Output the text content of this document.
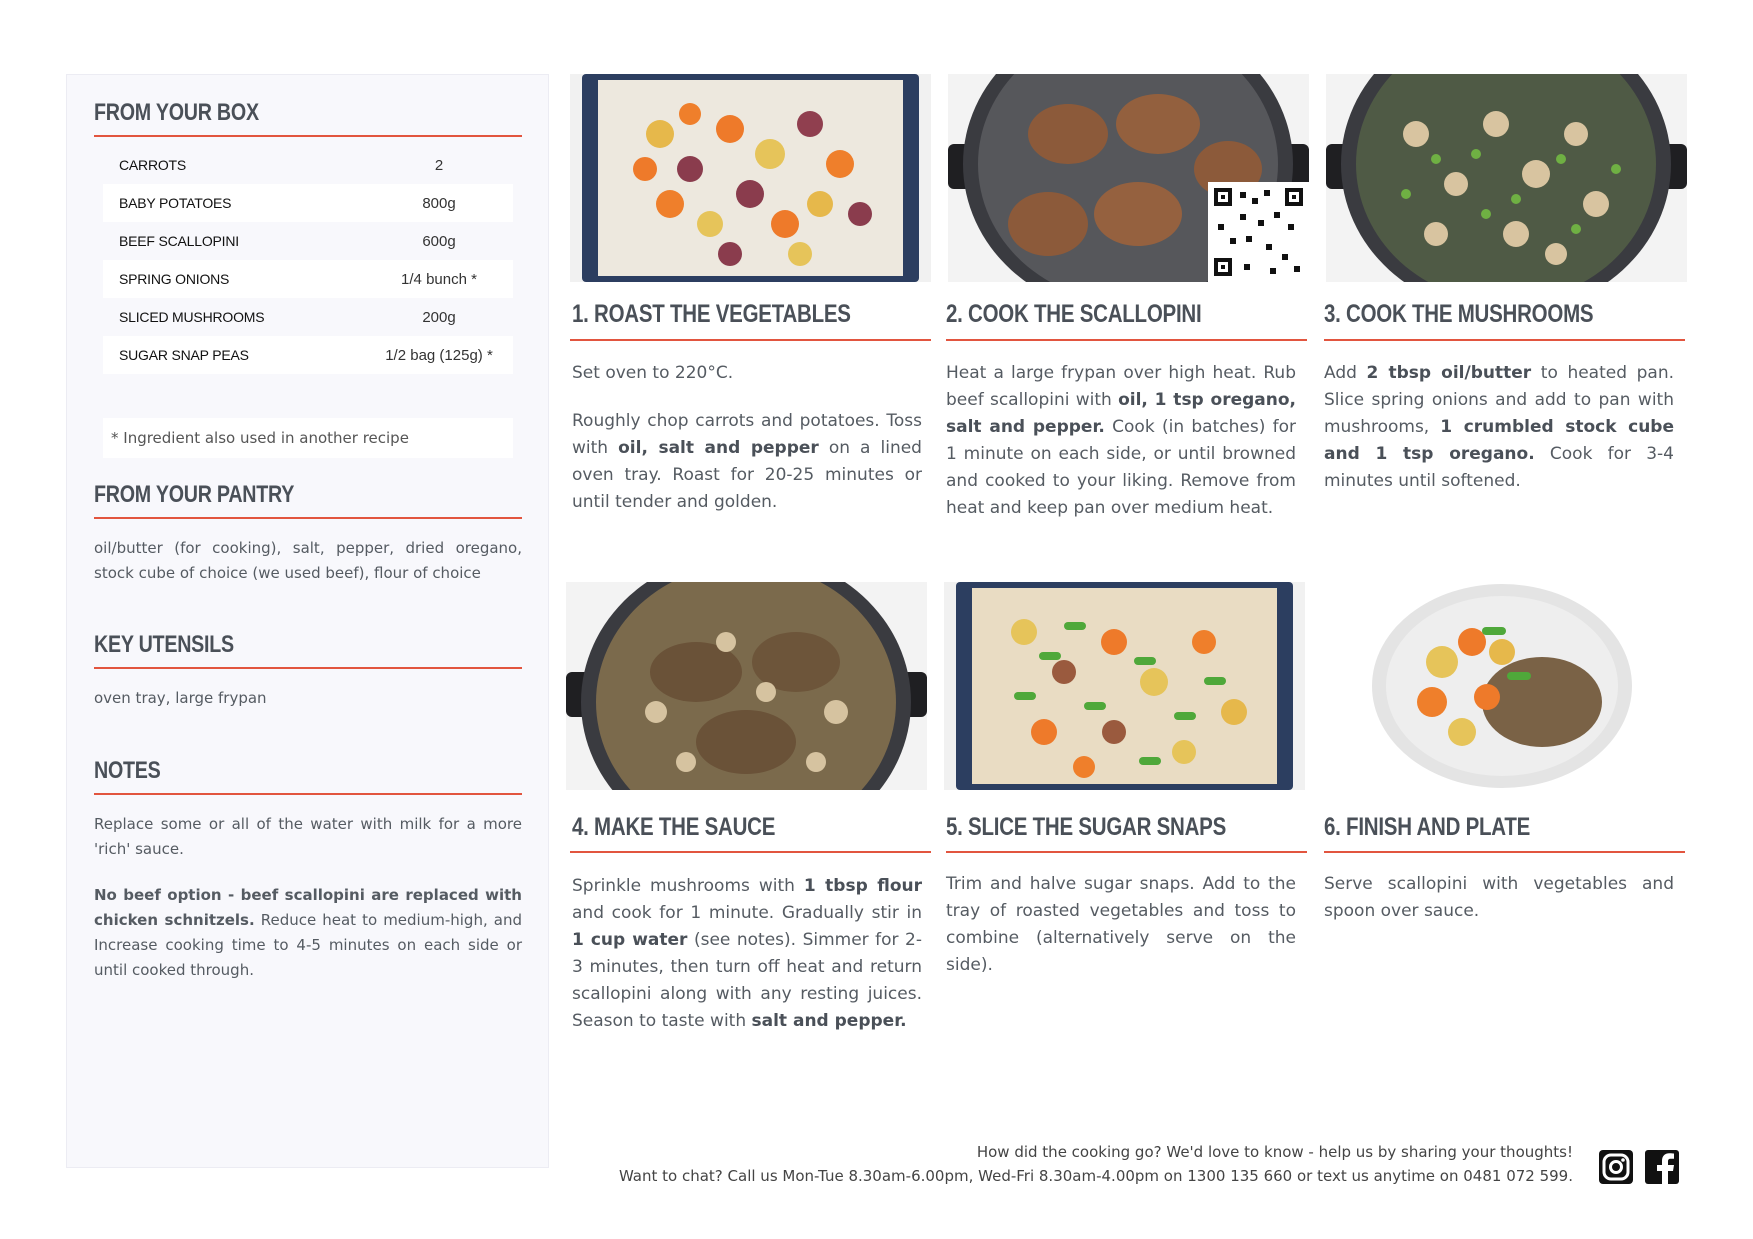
FROM YOUR BOX
CARROTS	2
BABY POTATOES	800g
BEEF SCALLOPINI	600g
SPRING ONIONS	1/4 bunch *
SLICED MUSHROOMS	200g
SUGAR SNAP PEAS	1/2 bag (125g) *
* Ingredient also used in another recipe
FROM YOUR PANTRY
oil/butter (for cooking), salt, pepper, dried oregano, stock cube of choice (we used beef), flour of choice
KEY UTENSILS
oven tray, large frypan
NOTES
Replace some or all of the water with milk for a more 'rich' sauce.
No beef option - beef scallopini are replaced with chicken schnitzels. Reduce heat to medium-high, and Increase cooking time to 4-5 minutes on each side or until cooked through.
1. ROAST THE VEGETABLES

Set oven to 220°C.

Roughly chop carrots and potatoes. Toss with oil, salt and pepper on a lined oven tray. Roast for 20-25 minutes or until tender and golden.

2. COOK THE SCALLOPINI

Heat a large frypan over high heat. Rub beef scallopini with oil, 1 tsp oregano, salt and pepper. Cook (in batches) for 1 minute on each side, or until browned and cooked to your liking. Remove from heat and keep pan over medium heat.

3. COOK THE MUSHROOMS

Add 2 tbsp oil/butter to heated pan. Slice spring onions and add to pan with mushrooms, 1 crumbled stock cube and 1 tsp oregano. Cook for 3-4 minutes until softened.

4. MAKE THE SAUCE

Sprinkle mushrooms with 1 tbsp flour and cook for 1 minute. Gradually stir in 1 cup water (see notes). Simmer for 2-3 minutes, then turn off heat and return scallopini along with any resting juices. Season to taste with salt and pepper.

5. SLICE THE SUGAR SNAPS

Trim and halve sugar snaps. Add to the tray of roasted vegetables and toss to combine (alternatively serve on the side).

6. FINISH AND PLATE

Serve scallopini with vegetables and spoon over sauce.

How did the cooking go? We'd love to know - help us by sharing your thoughts!
Want to chat? Call us Mon-Tue 8.30am-6.00pm, Wed-Fri 8.30am-4.00pm on 1300 135 660 or text us anytime on 0481 072 599.
